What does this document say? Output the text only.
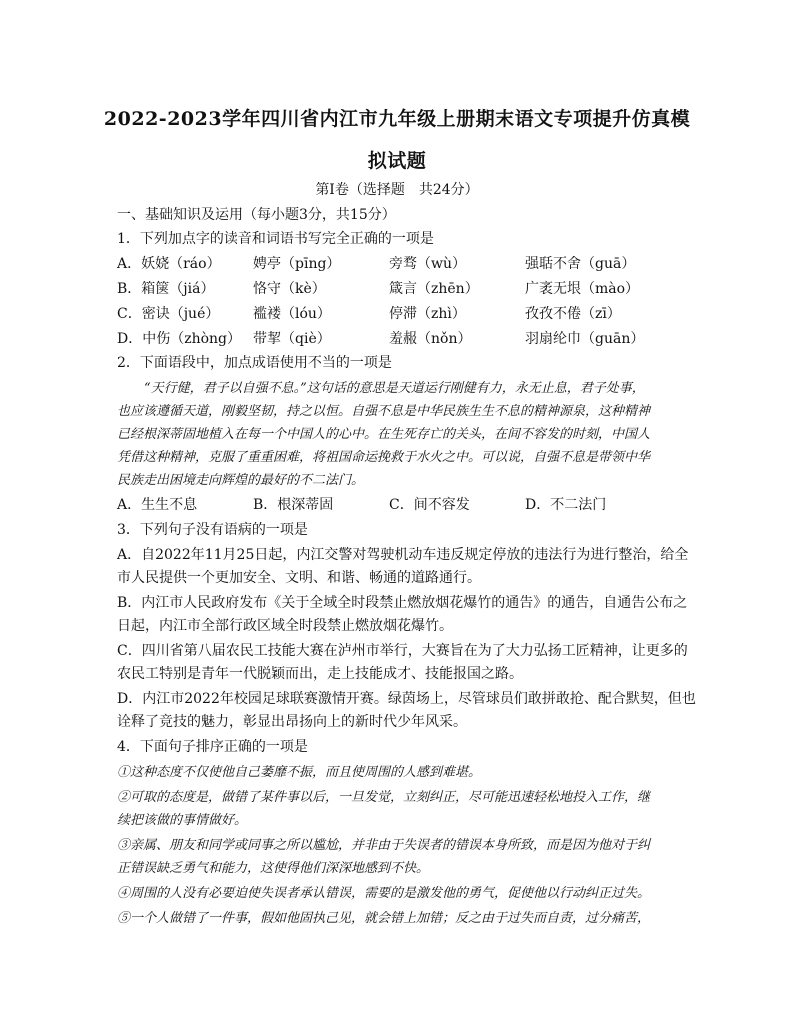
2022-2023学年四川省内江市九年级上册期末语文专项提升仿真模
拟试题
第Ⅰ卷（选择题　共24分）
一、基础知识及运用（每小题3分，共15分）
1．下列加点字的读音和词语书写完全正确的一项是
A．妖娆（ráo） 娉亭（pīng）	旁骛（wù）	强聒不舍（guā）
B．箱箧（jiá）	恪守（kè）	箴言（zhēn）	广袤无垠（mào）
C．密诀（jué） 褴褛（lóu）	停滞（zhì）	孜孜不倦（zī）
D．中伤（zhòng） 带挈（qiè）	羞赧（nǒn）	羽扇纶巾（guān）
2．下面语段中，加点成语使用不当的一项是
“天行健，君子以自强不息。”这句话的意思是天道运行刚健有力，永无止息，君子处事，
也应该遵循天道，刚毅坚韧，持之以恒。自强不息是中华民族生生不息的精神源泉，这种精神
已经根深蒂固地植入在每一个中国人的心中。在生死存亡的关头，在间不容发的时刻，中国人
凭借这种精神，克服了重重困难，将祖国命运挽救于水火之中。可以说，自强不息是带领中华
民族走出困境走向辉煌的最好的不二法门。
A．生生不息	B．根深蒂固	C．间不容发	D．不二法门
3．下列句子没有语病的一项是
A．自2022年11月25日起，内江交警对驾驶机动车违反规定停放的违法行为进行整治，给全
市人民提供一个更加安全、文明、和谐、畅通的道路通行。
B．内江市人民政府发布《关于全域全时段禁止燃放烟花爆竹的通告》的通告，自通告公布之
日起，内江市全部行政区域全时段禁止燃放烟花爆竹。
C．四川省第八届农民工技能大赛在泸州市举行，大赛旨在为了大力弘扬工匠精神，让更多的
农民工特别是青年一代脱颖而出，走上技能成才、技能报国之路。
D．内江市2022年校园足球联赛激情开赛。绿茵场上，尽管球员们敢拼敢抢、配合默契，但也
诠释了竞技的魅力，彰显出昂扬向上的新时代少年风采。
4．下面句子排序正确的一项是
①这种态度不仅使他自己萎靡不振，而且使周围的人感到难堪。
②可取的态度是，做错了某件事以后，一旦发觉，立刻纠正，尽可能迅速轻松地投入工作，继
续把该做的事情做好。
③亲属、朋友和同学或同事之所以尴尬，并非由于失误者的错误本身所致，而是因为他对于纠
正错误缺乏勇气和能力，这使得他们深深地感到不快。
④周围的人没有必要迫使失误者承认错误，需要的是激发他的勇气，促使他以行动纠正过失。
⑤一个人做错了一件事，假如他固执己见，就会错上加错；反之由于过失而自责，过分痛苦，
